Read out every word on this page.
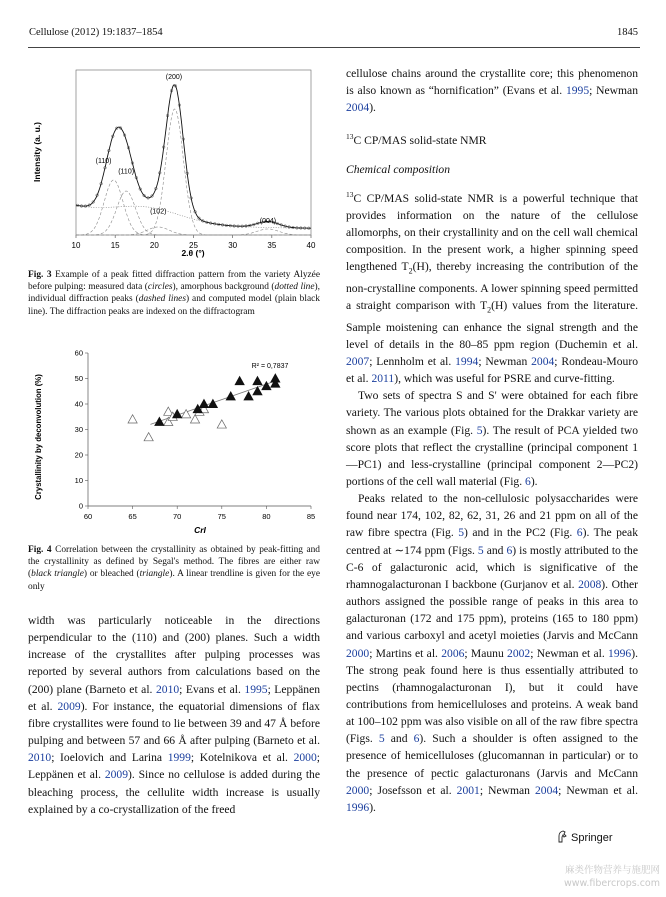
Cellulose (2012) 19:1837–1854	1845
10	15	20	25	30	35	40
(200)
(110)
(110)
(102)
(004)
2.θ (°)
Intensity (a. u.)
Fig. 3 Example of a peak fitted diffraction pattern from the variety Alyzée before pulping: measured data (circles), amorphous background (dotted line), individual diffraction peaks (dashed lines) and computed model (plain black line). The diffraction peaks are indexed on the diffractogram
0
10
20
30
40
50
60
60	65	70	75	80	85
R² = 0,7837
CrI
Crystallinity by deconvolution (%)
Fig. 4 Correlation between the crystallinity as obtained by peak-fitting and the crystallinity as defined by Segal's method. The fibres are either raw (black triangle) or bleached (triangle). A linear trendline is given for the eye only
width was particularly noticeable in the directions perpendicular to the (110) and (200) planes. Such a width increase of the crystallites after pulping processes was reported by several authors from calculations based on the (200) plane (Barneto et al. 2010; Evans et al. 1995; Leppänen et al. 2009). For instance, the equatorial dimensions of flax fibre crystallites were found to lie between 39 and 47 Å before pulping and between 57 and 66 Å after pulping (Barneto et al. 2010; Ioelovich and Larina 1999; Kotelnikova et al. 2000; Leppänen et al. 2009). Since no cellulose is added during the bleaching process, the cellulite width increase is usually explained by a co-crystallization of the freed
cellulose chains around the crystallite core; this phenomenon is also known as “hornification” (Evans et al. 1995; Newman 2004).
$^{13}$C CP/MAS solid-state NMR
Chemical composition

$^{13}$C CP/MAS solid-state NMR is a powerful technique that provides information on the nature of the cellulose allomorphs, on their crystallinity and on the cell wall chemical composition. In the present work, a higher spinning speed lengthened $T_2(H)$, thereby increasing the contribution of the non-crystalline components. A lower spinning speed permitted a straight comparison with $T_2(H)$ values from the literature. Sample moistening can enhance the signal strength and the level of details in the 80–85 ppm region (Duchemin et al. 2007; Lennholm et al. 1994; Newman 2004; Rondeau-Mouro et al. 2011), which was useful for PSRE and curve-fitting.

Two sets of spectra S and S' were obtained for each fibre variety. The various plots obtained for the Drakkar variety are shown as an example (Fig. 5). The result of PCA yielded two score plots that reflect the crystalline (principal component 1—PC1) and less-crystalline (principal component 2—PC2) portions of the cell wall material (Fig. 6).

Peaks related to the non-cellulosic polysaccharides were found near 174, 102, 82, 62, 31, 26 and 21 ppm on all of the raw fibre spectra (Fig. 5) and in the PC2 (Fig. 6). The peak centred at ∼174 ppm (Figs. 5 and 6) is mostly attributed to the C-6 of galacturonic acid, which is significative of the rhamnogalacturonan I backbone (Gurjanov et al. 2008). Other authors assigned the possible range of peaks in this area to galacturonan (172 and 175 ppm), proteins (165 to 180 ppm) and various carboxyl and acetyl moieties (Jarvis and McCann 2000; Martins et al. 2006; Maunu 2002; Newman et al. 1996). The strong peak found here is thus essentially attributed to pectins (rhamnogalacturonan I), but it could have contributions from hemicelluloses and proteins. A weak band at 100–102 ppm was also visible on all of the raw fibre spectra (Figs. 5 and 6). Such a shoulder is often assigned to the presence of hemicelluloses (glucomannan in particular) or to the presence of pectic galacturonans (Jarvis and McCann 2000; Josefsson et al. 2001; Newman 2004; Newman et al. 1996).

Springer
麻类作物营养与施肥网
www.fibercrops.com
